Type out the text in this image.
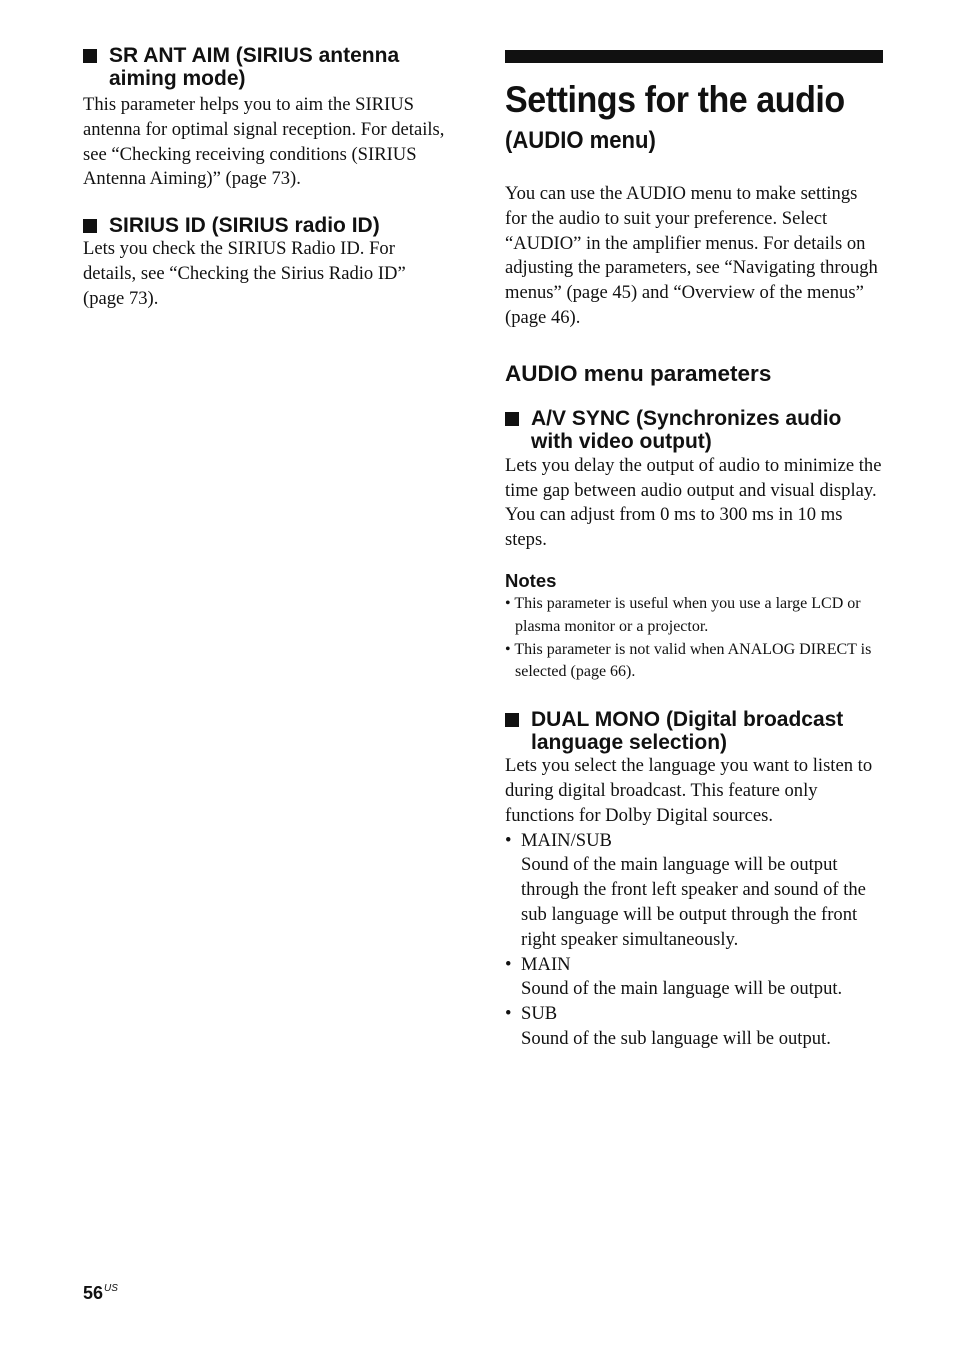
SR ANT AIM (SIRIUS antenna aiming mode)

This parameter helps you to aim the SIRIUS antenna for optimal signal reception. For details, see “Checking receiving conditions (SIRIUS Antenna Aiming)” (page 73).

SIRIUS ID (SIRIUS radio ID)

Lets you check the SIRIUS Radio ID. For details, see “Checking the Sirius Radio ID” (page 73).

Settings for the audio
(AUDIO menu)

You can use the AUDIO menu to make settings for the audio to suit your preference. Select “AUDIO” in the amplifier menus. For details on adjusting the parameters, see “Navigating through menus” (page 45) and “Overview of the menus” (page 46).

AUDIO menu parameters
A/V SYNC (Synchronizes audio with video output)

Lets you delay the output of audio to minimize the time gap between audio output and visual display. You can adjust from 0 ms to 300 ms in 10 ms steps.

Notes

• This parameter is useful when you use a large LCD or plasma monitor or a projector.

• This parameter is not valid when ANALOG DIRECT is selected (page 66).

DUAL MONO (Digital broadcast language selection)

Lets you select the language you want to listen to during digital broadcast. This feature only functions for Dolby Digital sources.

• MAIN/SUB
Sound of the main language will be output through the front left speaker and sound of the sub language will be output through the front right speaker simultaneously.
• MAIN
Sound of the main language will be output.
• SUB
Sound of the sub language will be output.
$56^{US}$
